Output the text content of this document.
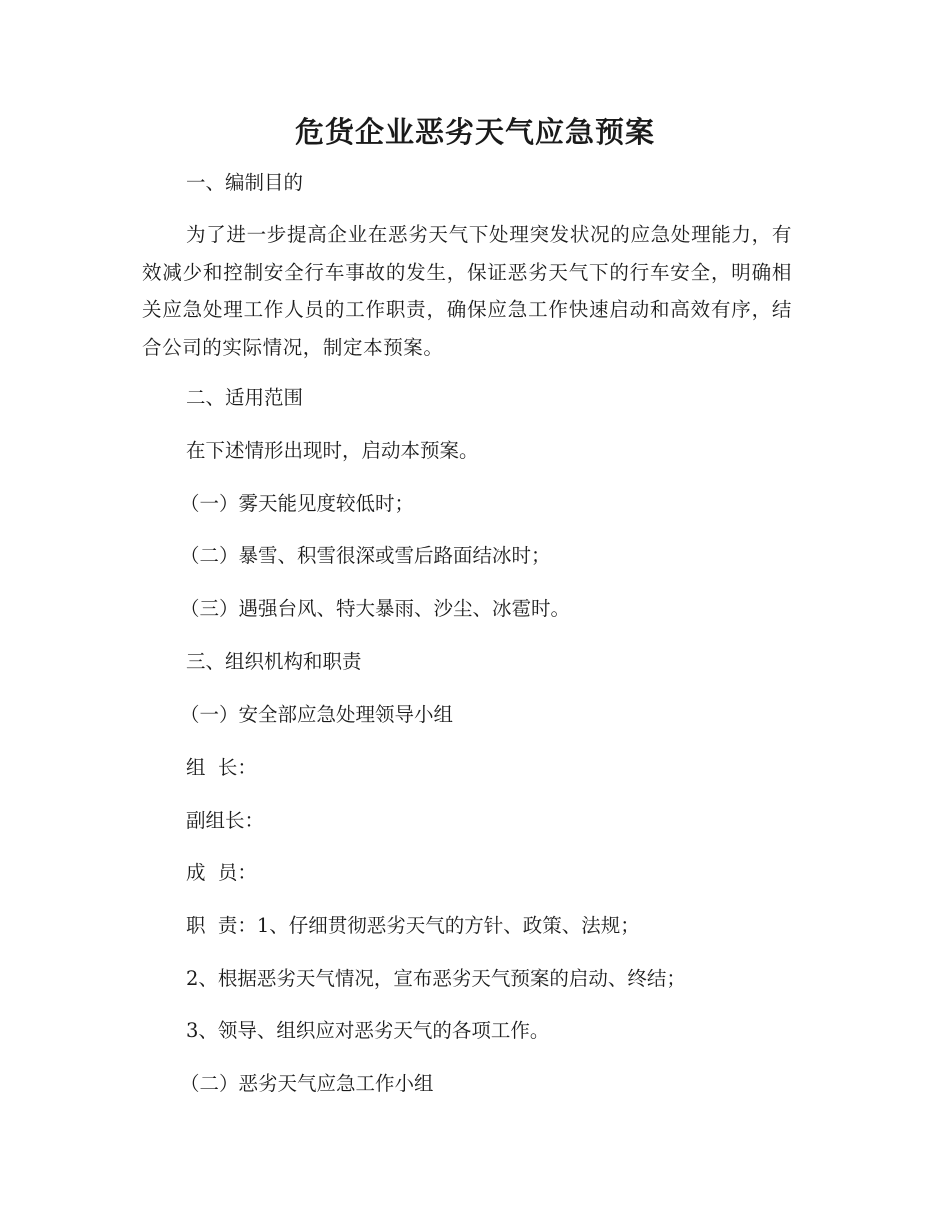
危货企业恶劣天气应急预案

一、编制目的

为了进一步提高企业在恶劣天气下处理突发状况的应急处理能力，有效减少和控制安全行车事故的发生，保证恶劣天气下的行车安全，明确相关应急处理工作人员的工作职责，确保应急工作快速启动和高效有序，结合公司的实际情况，制定本预案。

二、适用范围

在下述情形出现时，启动本预案。

（一）雾天能见度较低时；

（二）暴雪、积雪很深或雪后路面结冰时；

（三）遇强台风、特大暴雨、沙尘、冰雹时。

三、组织机构和职责

（一）安全部应急处理领导小组

组  长：

副组长：

成  员：

职  责：1、仔细贯彻恶劣天气的方针、政策、法规；

2、根据恶劣天气情况，宣布恶劣天气预案的启动、终结；

3、领导、组织应对恶劣天气的各项工作。

（二）恶劣天气应急工作小组
